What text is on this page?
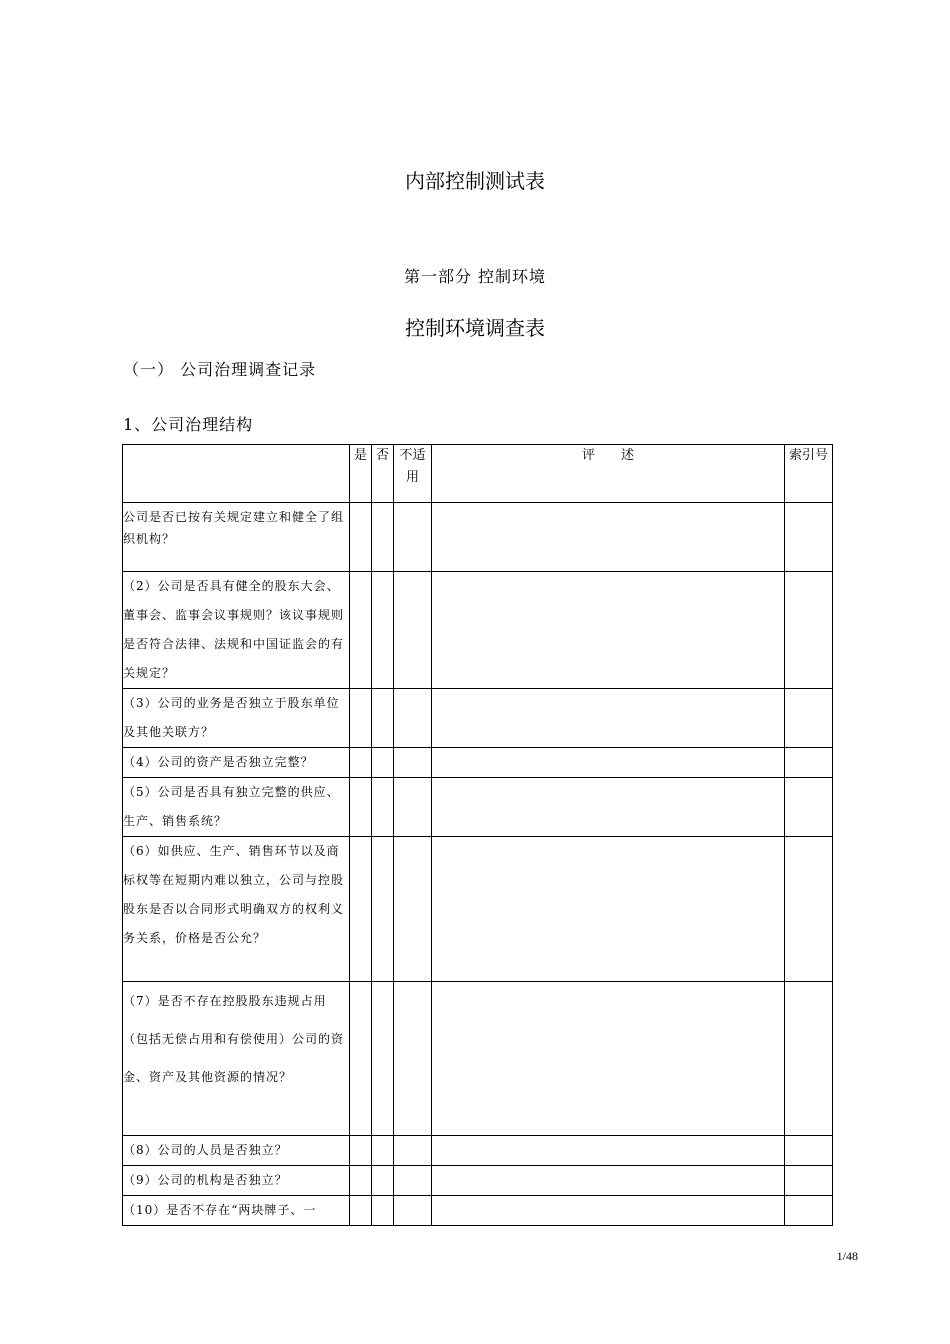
内部控制测试表
第一部分 控制环境
控制环境调查表
（一） 公司治理调查记录
1、公司治理结构
	是	否	不适用	评　　述	索引号
公司是否已按有关规定建立和健全了组织机构？					
（2）公司是否具有健全的股东大会、董事会、监事会议事规则？该议事规则是否符合法律、法规和中国证监会的有关规定？					
（3）公司的业务是否独立于股东单位及其他关联方？					
（4）公司的资产是否独立完整？					
（5）公司是否具有独立完整的供应、生产、销售系统？					
（6）如供应、生产、销售环节以及商标权等在短期内难以独立，公司与控股股东是否以合同形式明确双方的权利义务关系，价格是否公允？					
（7）是否不存在控股股东违规占用（包括无偿占用和有偿使用）公司的资金、资产及其他资源的情况？					
（8）公司的人员是否独立？					
（9）公司的机构是否独立？					
（10）是否不存在“两块牌子、一					
1/48
